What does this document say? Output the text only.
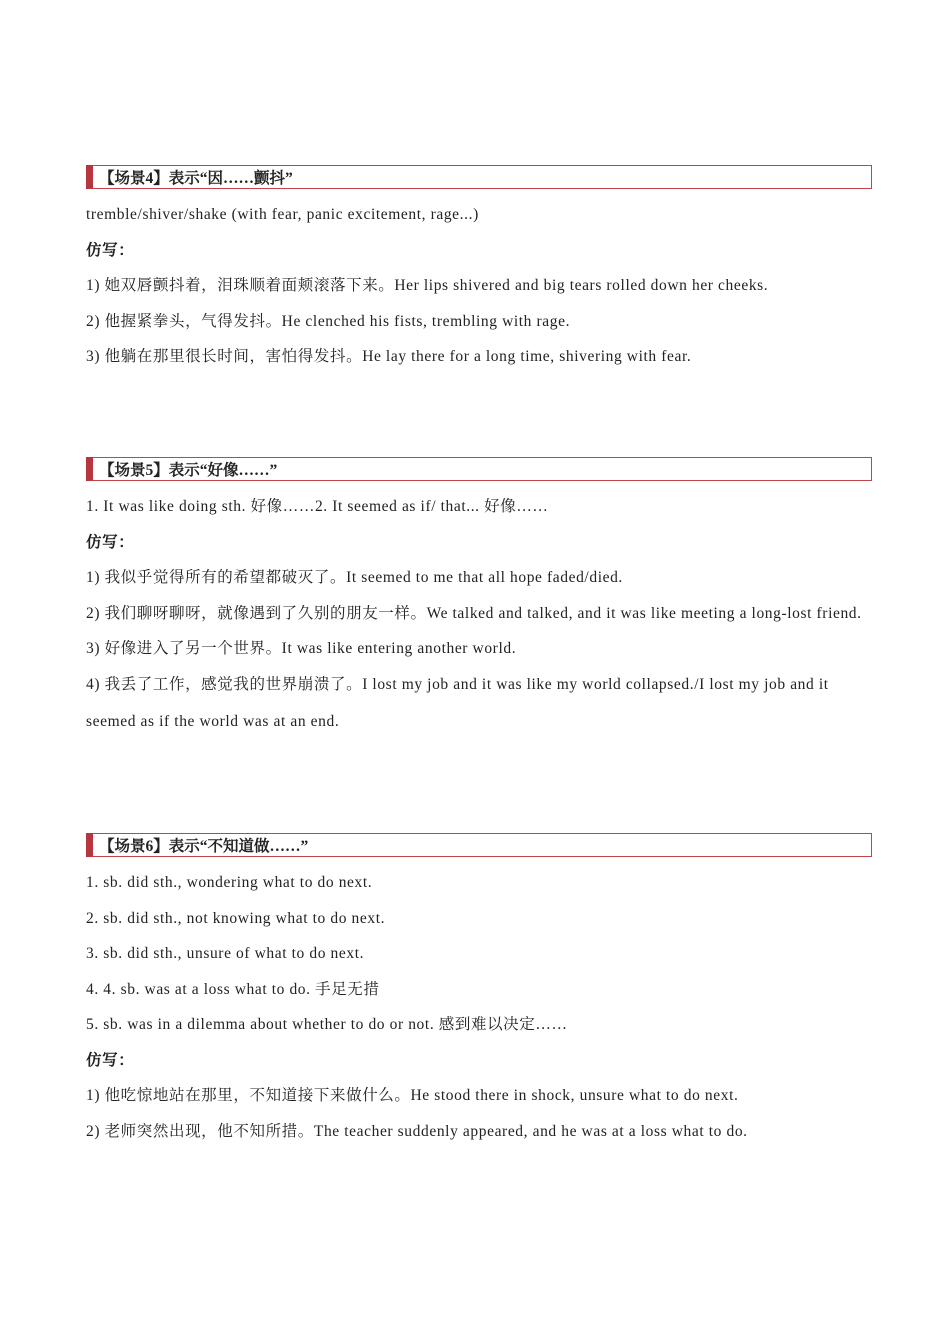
【场景4】表示“因……颤抖”
tremble/shiver/shake (with fear, panic excitement, rage...)
仿写：
1) 她双唇颤抖着，泪珠顺着面颊滚落下来。Her lips shivered and big tears rolled down her cheeks.
2) 他握紧拳头，气得发抖。He clenched his fists, trembling with rage.
3) 他躺在那里很长时间，害怕得发抖。He lay there for a long time, shivering with fear.
【场景5】表示“好像……”
1. It was like doing sth. 好像……2. It seemed as if/ that... 好像……
仿写：
1) 我似乎觉得所有的希望都破灭了。It seemed to me that all hope faded/died.
2) 我们聊呀聊呀，就像遇到了久别的朋友一样。We talked and talked, and it was like meeting a long-lost friend.
3) 好像进入了另一个世界。It was like entering another world.
4) 我丢了工作，感觉我的世界崩溃了。I lost my job and it was like my world collapsed./I lost my job and it seemed as if the world was at an end.
【场景6】表示“不知道做……”
1. sb. did sth., wondering what to do next.
2. sb. did sth., not knowing what to do next.
3. sb. did sth., unsure of what to do next.
4. 4. sb. was at a loss what to do. 手足无措
5. sb. was in a dilemma about whether to do or not. 感到难以决定……
仿写：
1) 他吃惊地站在那里，不知道接下来做什么。He stood there in shock, unsure what to do next.
2) 老师突然出现，他不知所措。The teacher suddenly appeared, and he was at a loss what to do.
